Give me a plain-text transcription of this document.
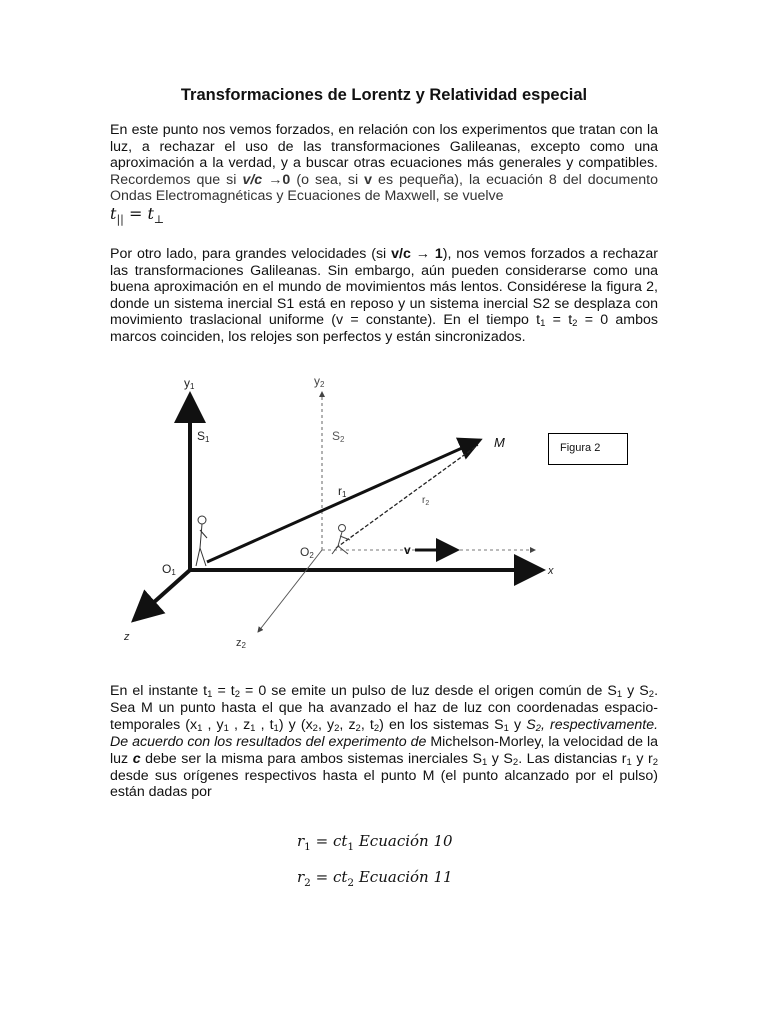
Transformaciones de Lorentz y Relatividad especial
En este punto nos vemos forzados, en relación con los experimentos que tratan con la luz, a rechazar el uso de las transformaciones Galileanas, excepto como una aproximación a la verdad, y a buscar otras ecuaciones más generales y compatibles. Recordemos que si v/c →0 (o sea, si v es pequeña), la ecuación 8 del documento Ondas Electromagnéticas y Ecuaciones de Maxwell, se vuelve
$t_{||} = t_\perp$
Por otro lado, para grandes velocidades (si v/c → 1), nos vemos forzados a rechazar las transformaciones Galileanas. Sin embargo, aún pueden considerarse como una buena aproximación en el mundo de movimientos más lentos. Considérese la figura 2, donde un sistema inercial S1 está en reposo y un sistema inercial S2 se desplaza con movimiento traslacional uniforme (v = constante). En el tiempo $t_1 = t_2 = 0$ ambos marcos coinciden, los relojes son perfectos y están sincronizados.
y1	y2
S1	S2	M
r1
$r_2$
O1
O2
x
z	z2
v
Figura 2
En el instante $t_1 = t_2 = 0$ se emite un pulso de luz desde el origen común de $S_1$ y $S_2$. Sea M un punto hasta el que ha avanzado el haz de luz con coordenadas espacio-temporales ($x_1$ , $y_1$ , $z_1$ , $t_1$) y ($x_2$, $y_2$, $z_2$, $t_2$) en los sistemas $S_1$ y $S_2$, respectivamente. De acuerdo con los resultados del experimento de Michelson-Morley, la velocidad de la luz c debe ser la misma para ambos sistemas inerciales $S_1$ y $S_2$. Las distancias $r_1$ y $r_2$ desde sus orígenes respectivos hasta el punto M (el punto alcanzado por el pulso) están dadas por
$r_1 = ct_1$ Ecuación 10
$r_2 = ct_2$ Ecuación 11
